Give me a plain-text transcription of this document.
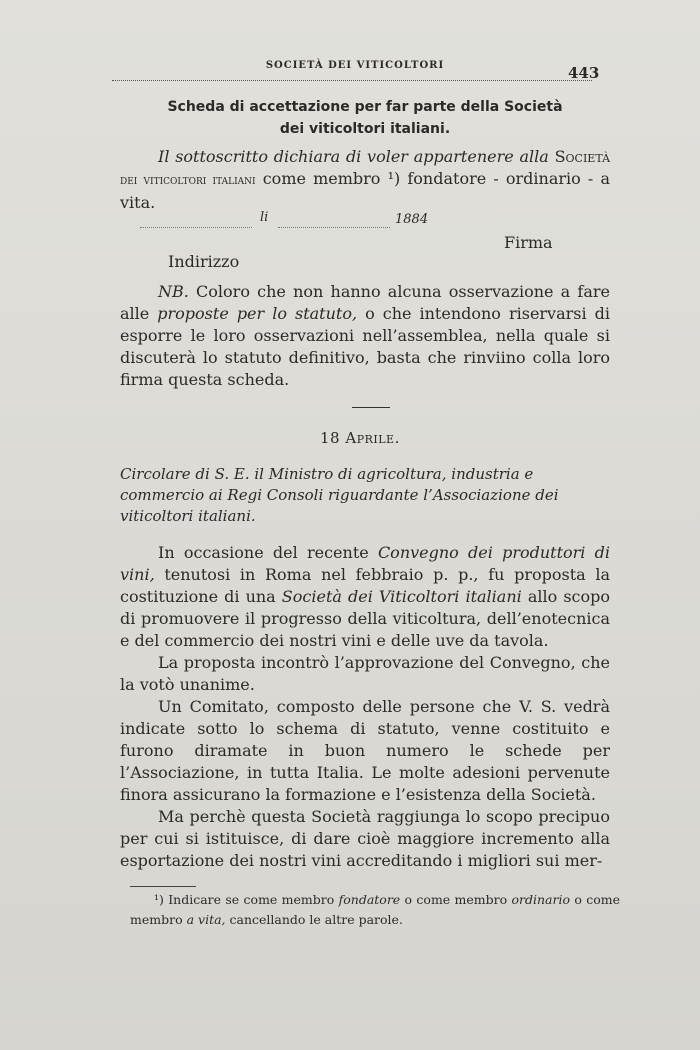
SOCIETÀ DEI VITICOLTORI	443
Scheda di accettazione per far parte della Società
dei viticoltori italiani.

Il sottoscritto dichiara di voler appartenere alla Società dei viticoltori italiani come membro ¹) fondatore - ordinario - a vita.

li	1884
Firma
Indirizzo

NB. Coloro che non hanno alcuna osservazione a fare alle proposte per lo statuto, o che intendono riservarsi di esporre le loro osservazioni nell’assemblea, nella quale si discuterà lo statuto definitivo, basta che rinviino colla loro firma questa scheda.

18 Aprile.
Circolare di S. E. il Ministro di agricoltura, industria e commercio ai Regi Consoli riguardante l’Associazione dei viticoltori italiani.

In occasione del recente Convegno dei produttori di vini, tenutosi in Roma nel febbraio p. p., fu proposta la costituzione di una Società dei Viticoltori italiani allo scopo di promuovere il progresso della viticoltura, dell’enotecnica e del commercio dei nostri vini e delle uve da tavola.

La proposta incontrò l’approvazione del Convegno, che la votò unanime.

Un Comitato, composto delle persone che V. S. vedrà indicate sotto lo schema di statuto, venne costituito e furono diramate in buon numero le schede per l’Associazione, in tutta Italia. Le molte adesioni pervenute finora assicurano la formazione e l’esistenza della Società.

Ma perchè questa Società raggiunga lo scopo precipuo per cui si istituisce, di dare cioè maggiore incremento alla esportazione dei nostri vini accreditando i migliori sui mer-

¹) Indicare se come membro fondatore o come membro ordinario o come membro a vita, cancellando le altre parole.
